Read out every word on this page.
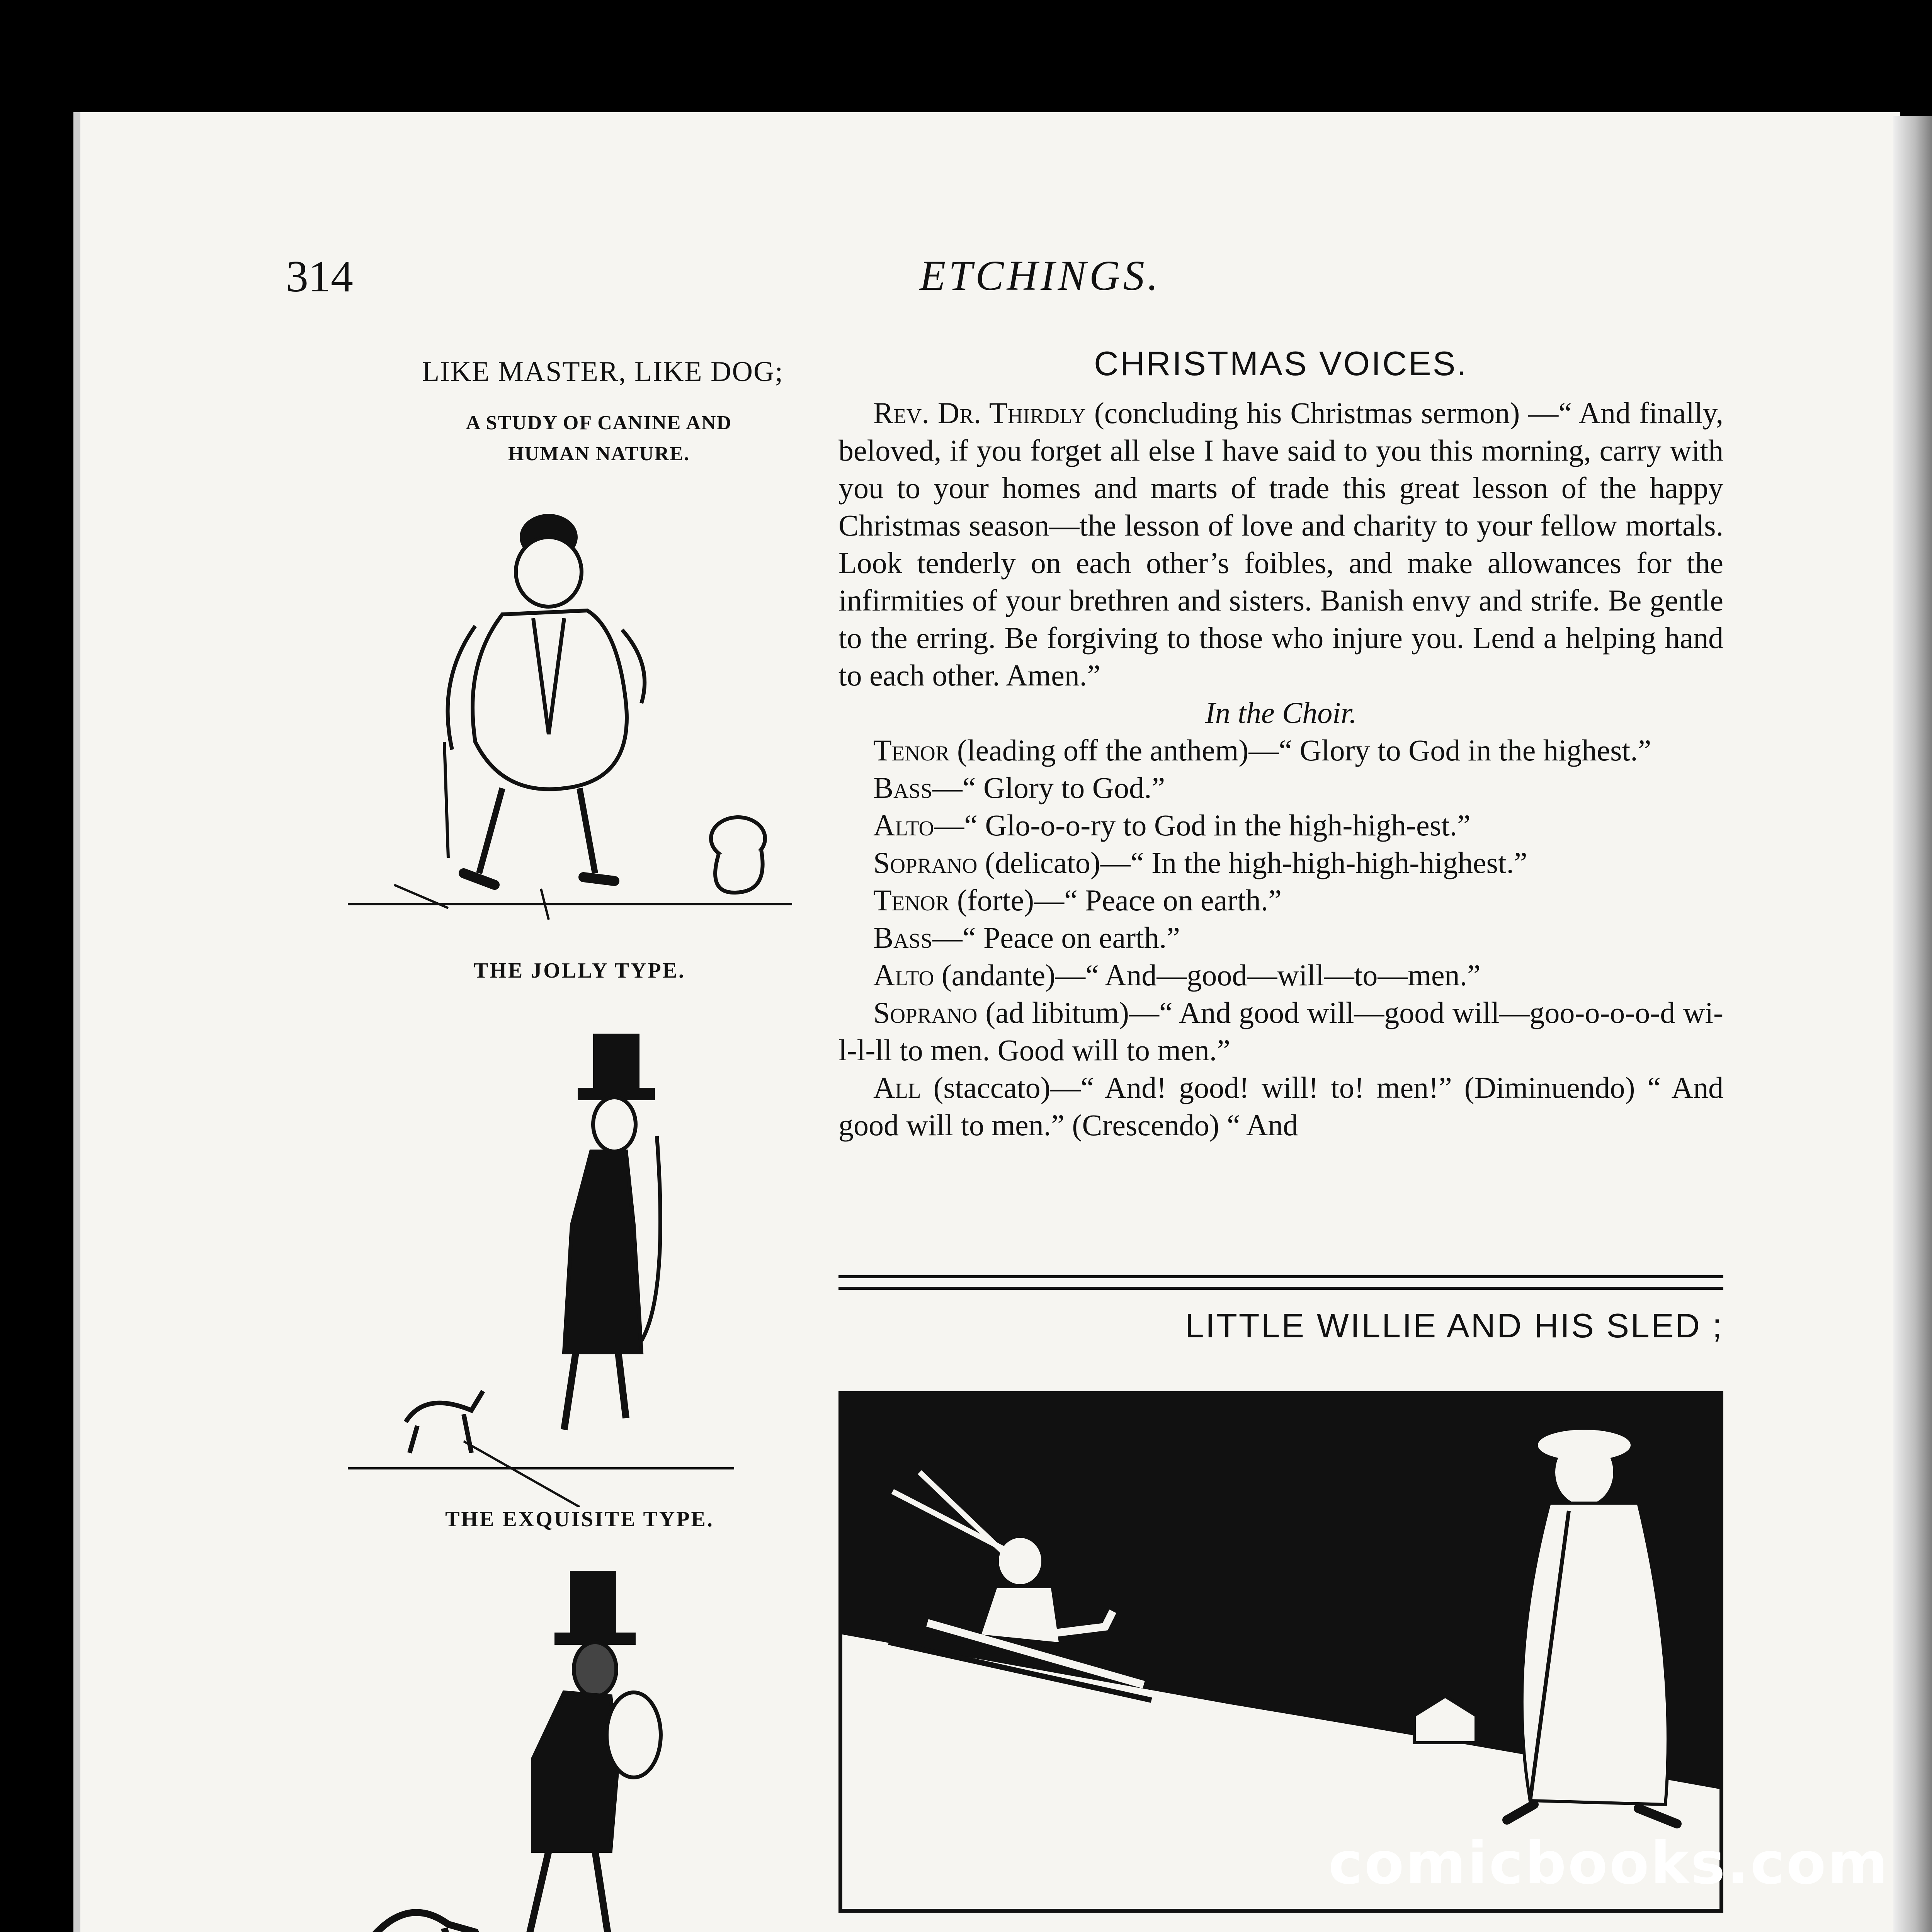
314	ETCHINGS.
LIKE MASTER, LIKE DOG;
A STUDY OF CANINE AND
HUMAN NATURE.
THE JOLLY TYPE.
THE EXQUISITE TYPE.
CHRISTMAS VOICES.

Rev. Dr. Thirdly (concluding his Christmas sermon) —“ And finally, beloved, if you forget all else I have said to you this morning, carry with you to your homes and marts of trade this great lesson of the happy Christmas season—the lesson of love and charity to your fellow mortals. Look tenderly on each other’s foibles, and make allowances for the infirmities of your brethren and sisters. Banish envy and strife. Be gentle to the erring. Be forgiving to those who injure you. Lend a helping hand to each other. Amen.”

In the Choir.

Tenor (leading off the anthem)—“ Glory to God in the highest.”

Bass—“ Glory to God.”

Alto—“ Glo-o-o-ry to God in the high-high-est.”

Soprano (delicato)—“ In the high-high-high-highest.”

Tenor (forte)—“ Peace on earth.”

Bass—“ Peace on earth.”

Alto (andante)—“ And—good—will—to—men.”

Soprano (ad libitum)—“ And good will—good will—goo-o-o-o-d wi-l-l-ll to men. Good will to men.”

All (staccato)—“ And! good! will! to! men!” (Diminuendo) “ And good will to men.” (Crescendo) “ And

LITTLE WILLIE AND HIS SLED ;

comicbooks.com
